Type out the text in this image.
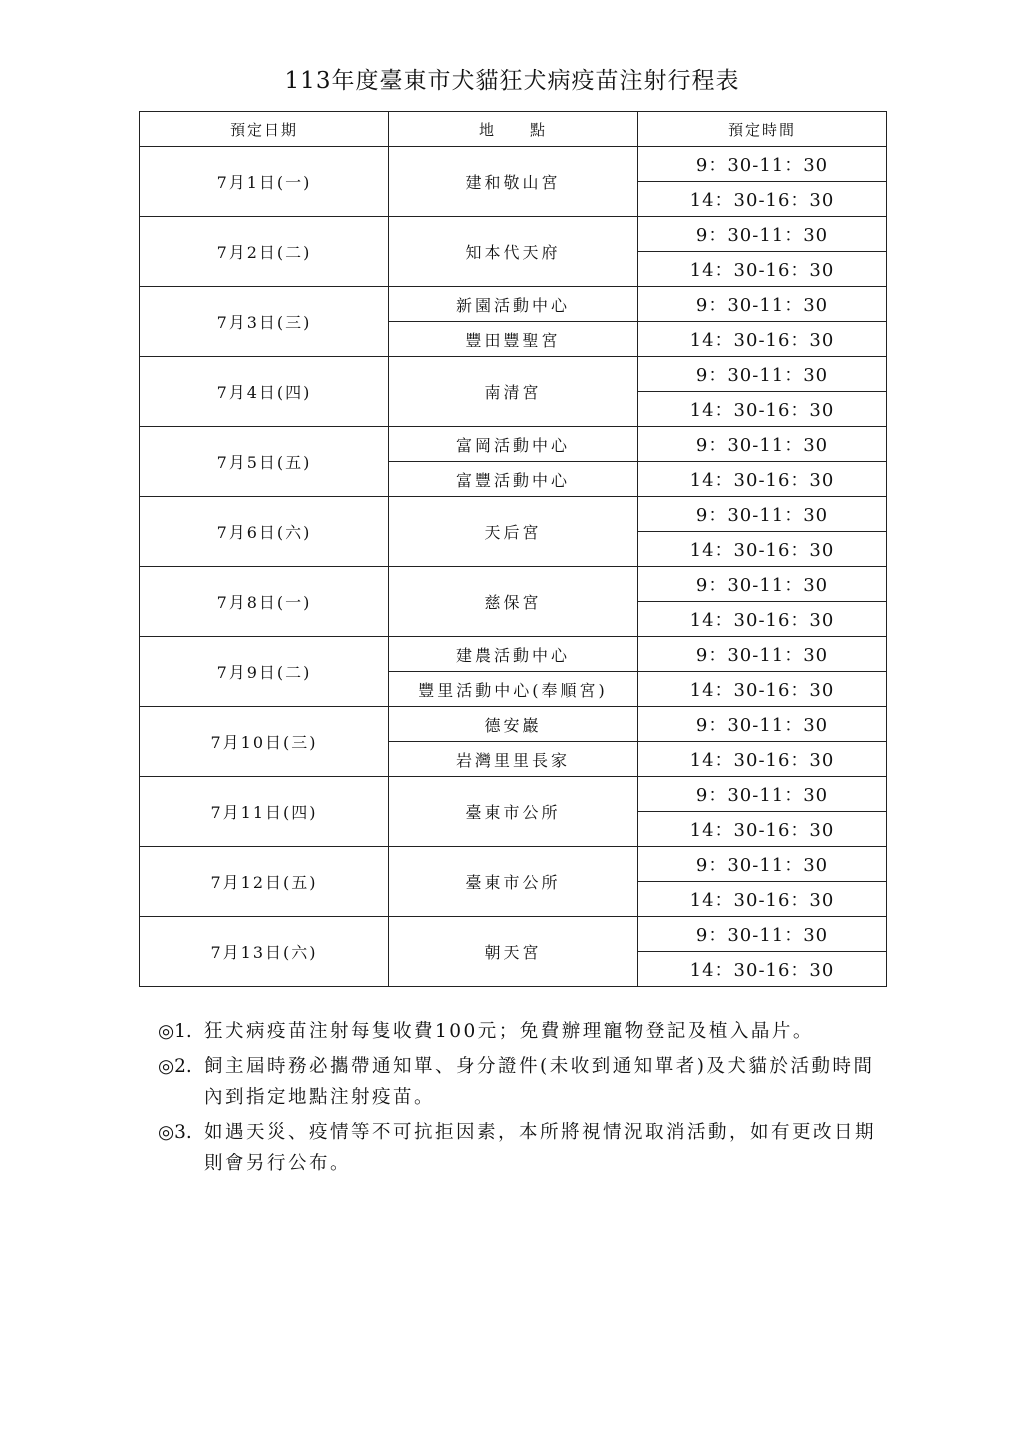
113年度臺東市犬貓狂犬病疫苗注射行程表
預定日期	地　　點	預定時間
7月1日(一)	建和敬山宮	9：30-11：30
		14：30-16：30
7月2日(二)	知本代天府	9：30-11：30
		14：30-16：30
7月3日(三)	新園活動中心	9：30-11：30
	豐田豐聖宮	14：30-16：30
7月4日(四)	南清宮	9：30-11：30
		14：30-16：30
7月5日(五)	富岡活動中心	9：30-11：30
	富豐活動中心	14：30-16：30
7月6日(六)	天后宮	9：30-11：30
		14：30-16：30
7月8日(一)	慈保宮	9：30-11：30
		14：30-16：30
7月9日(二)	建農活動中心	9：30-11：30
	豐里活動中心(奉順宮)	14：30-16：30
7月10日(三)	德安巖	9：30-11：30
	岩灣里里長家	14：30-16：30
7月11日(四)	臺東市公所	9：30-11：30
		14：30-16：30
7月12日(五)	臺東市公所	9：30-11：30
		14：30-16：30
7月13日(六)	朝天宮	9：30-11：30
		14：30-16：30
◎1. 狂犬病疫苗注射每隻收費100元；免費辦理寵物登記及植入晶片。
◎2. 飼主屆時務必攜帶通知單、身分證件(未收到通知單者)及犬貓於活動時間內到指定地點注射疫苗。
◎3. 如遇天災、疫情等不可抗拒因素，本所將視情況取消活動，如有更改日期則會另行公布。
